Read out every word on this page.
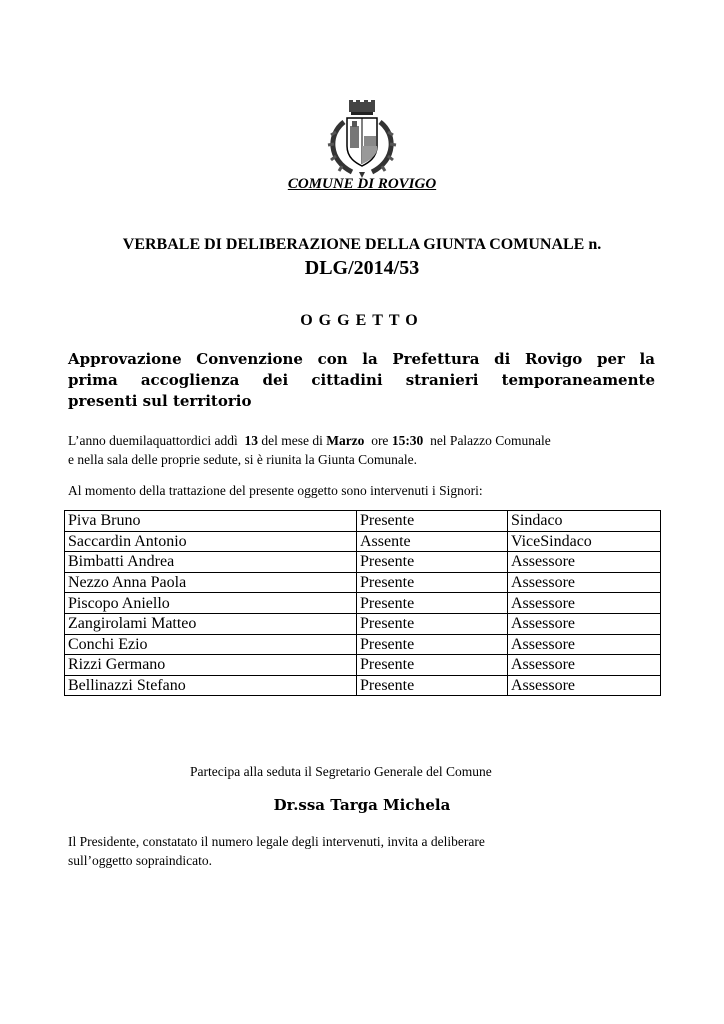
COMUNE DI ROVIGO
VERBALE DI DELIBERAZIONE DELLA GIUNTA COMUNALE n.
DLG/2014/53
OGGETTO
Approvazione Convenzione con la Prefettura di Rovigo per la
prima accoglienza dei cittadini stranieri temporaneamente
presenti sul territorio
L’anno duemilaquattordici addì 13 del mese di Marzo ore 15:30 nel Palazzo Comunale
e nella sala delle proprie sedute, si è riunita la Giunta Comunale.
Al momento della trattazione del presente oggetto sono intervenuti i Signori:
Piva Bruno	Presente	Sindaco
Saccardin Antonio	Assente	ViceSindaco
Bimbatti Andrea	Presente	Assessore
Nezzo Anna Paola	Presente	Assessore
Piscopo Aniello	Presente	Assessore
Zangirolami Matteo	Presente	Assessore
Conchi Ezio	Presente	Assessore
Rizzi Germano	Presente	Assessore
Bellinazzi Stefano	Presente	Assessore
Partecipa alla seduta il Segretario Generale del Comune
Dr.ssa Targa Michela
Il Presidente, constatato il numero legale degli intervenuti, invita a deliberare
sull’oggetto sopraindicato.
